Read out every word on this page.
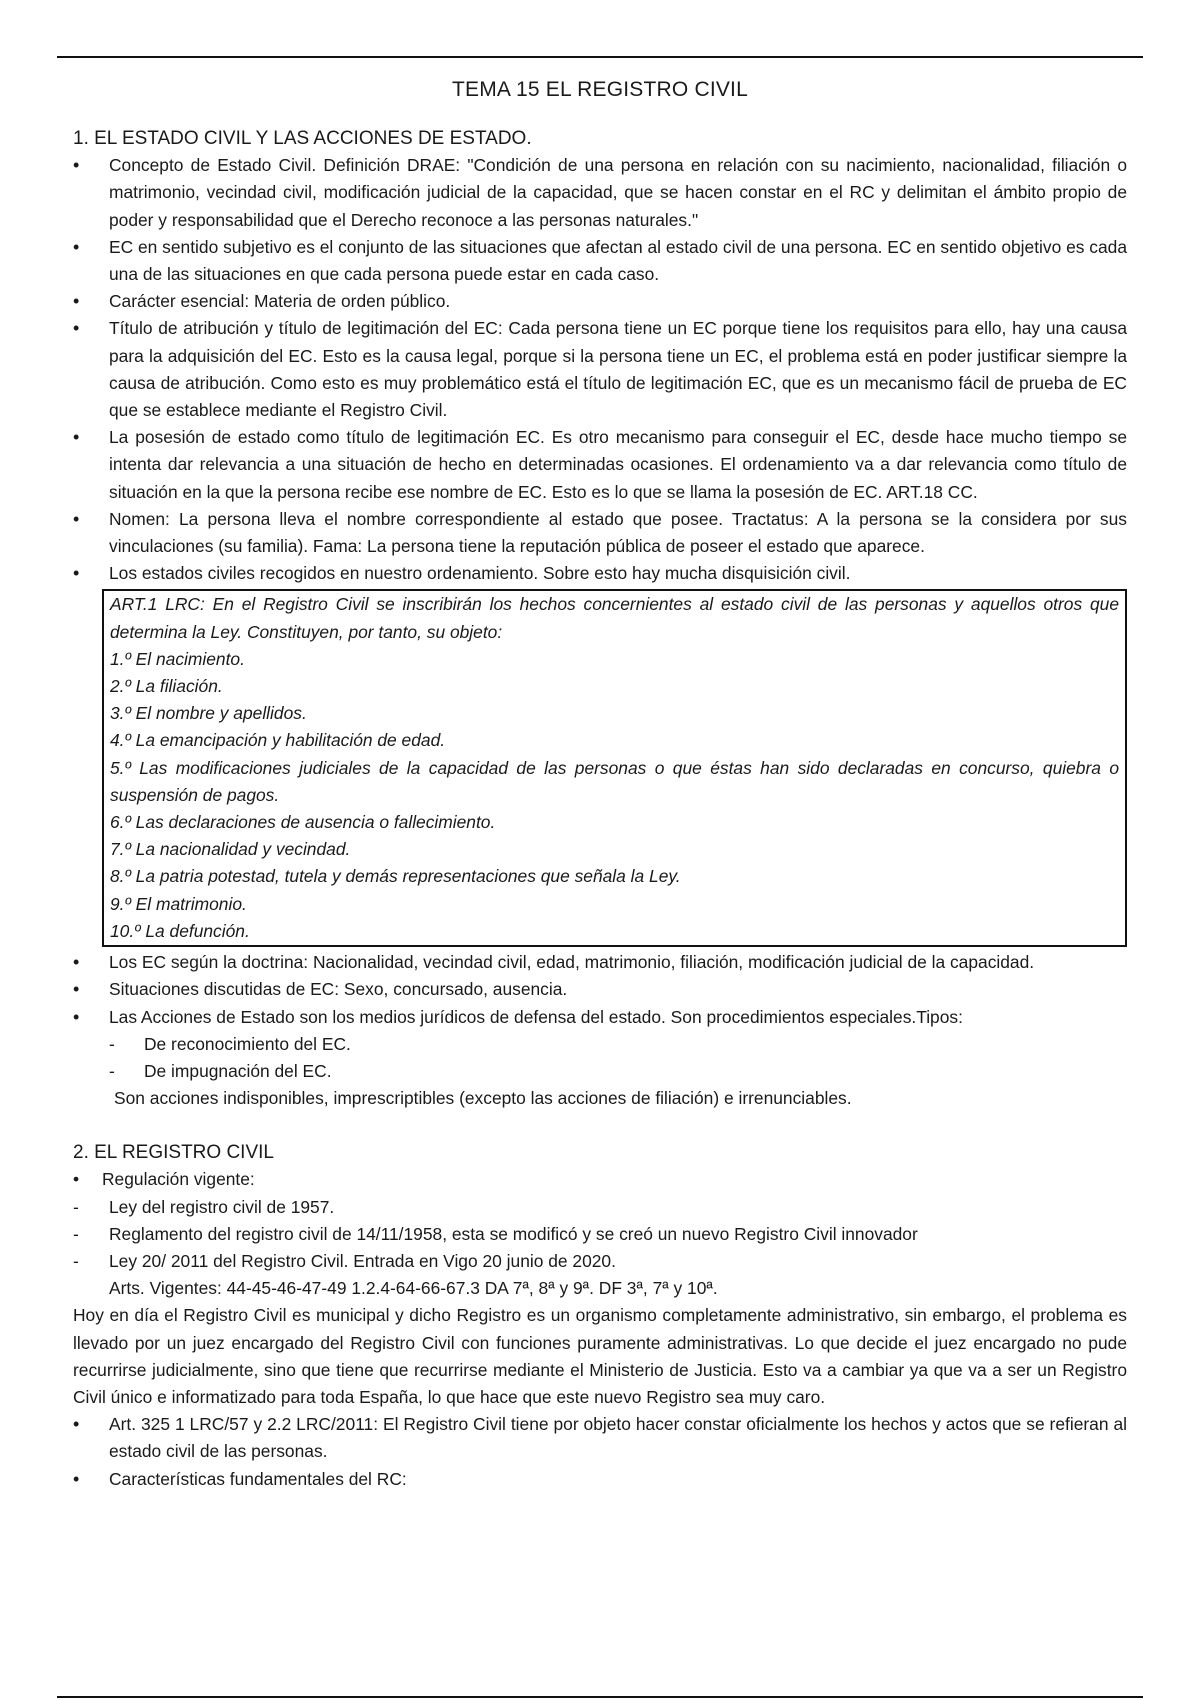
TEMA 15 EL REGISTRO CIVIL
1. EL ESTADO CIVIL Y LAS ACCIONES DE ESTADO.
• Concepto de Estado Civil. Definición DRAE: "Condición de una persona en relación con su nacimiento, nacionalidad, filiación o matrimonio, vecindad civil, modificación judicial de la capacidad, que se hacen constar en el RC y delimitan el ámbito propio de poder y responsabilidad que el Derecho reconoce a las personas naturales."
• EC en sentido subjetivo es el conjunto de las situaciones que afectan al estado civil de una persona. EC en sentido objetivo es cada una de las situaciones en que cada persona puede estar en cada caso.
• Carácter esencial: Materia de orden público.
• Título de atribución y título de legitimación del EC: Cada persona tiene un EC porque tiene los requisitos para ello, hay una causa para la adquisición del EC. Esto es la causa legal, porque si la persona tiene un EC, el problema está en poder justificar siempre la causa de atribución. Como esto es muy problemático está el título de legitimación EC, que es un mecanismo fácil de prueba de EC que se establece mediante el Registro Civil.
• La posesión de estado como título de legitimación EC. Es otro mecanismo para conseguir el EC, desde hace mucho tiempo se intenta dar relevancia a una situación de hecho en determinadas ocasiones. El ordenamiento va a dar relevancia como título de situación en la que la persona recibe ese nombre de EC. Esto es lo que se llama la posesión de EC. ART.18 CC.
• Nomen: La persona lleva el nombre correspondiente al estado que posee. Tractatus: A la persona se la considera por sus vinculaciones (su familia). Fama: La persona tiene la reputación pública de poseer el estado que aparece.
• Los estados civiles recogidos en nuestro ordenamiento. Sobre esto hay mucha disquisición civil.

ART.1 LRC: En el Registro Civil se inscribirán los hechos concernientes al estado civil de las personas y aquellos otros que determina la Ley. Constituyen, por tanto, su objeto:

1.º El nacimiento.

2.º La filiación.

3.º El nombre y apellidos.

4.º La emancipación y habilitación de edad.

5.º Las modificaciones judiciales de la capacidad de las personas o que éstas han sido declaradas en concurso, quiebra o suspensión de pagos.

6.º Las declaraciones de ausencia o fallecimiento.

7.º La nacionalidad y vecindad.

8.º La patria potestad, tutela y demás representaciones que señala la Ley.

9.º El matrimonio.

10.º La defunción.

• Los EC según la doctrina: Nacionalidad, vecindad civil, edad, matrimonio, filiación, modificación judicial de la capacidad.
• Situaciones discutidas de EC: Sexo, concursado, ausencia.
• Las Acciones de Estado son los medios jurídicos de defensa del estado. Son procedimientos especiales.Tipos:
- De reconocimiento del EC.
- De impugnación del EC.
Son acciones indisponibles, imprescriptibles (excepto las acciones de filiación) e irrenunciables.
2. EL REGISTRO CIVIL
• Regulación vigente:
- Ley del registro civil de 1957.
- Reglamento del registro civil de 14/11/1958, esta se modificó y se creó un nuevo Registro Civil innovador
- Ley 20/ 2011 del Registro Civil. Entrada en Vigo 20 junio de 2020.
Arts. Vigentes: 44-45-46-47-49 1.2.4-64-66-67.3 DA 7ª, 8ª y 9ª. DF 3ª, 7ª y 10ª.

Hoy en día el Registro Civil es municipal y dicho Registro es un organismo completamente administrativo, sin embargo, el problema es llevado por un juez encargado del Registro Civil con funciones puramente administrativas. Lo que decide el juez encargado no pude recurrirse judicialmente, sino que tiene que recurrirse mediante el Ministerio de Justicia. Esto va a cambiar ya que va a ser un Registro Civil único e informatizado para toda España, lo que hace que este nuevo Registro sea muy caro.

• Art. 325 1 LRC/57 y 2.2 LRC/2011: El Registro Civil tiene por objeto hacer constar oficialmente los hechos y actos que se refieran al estado civil de las personas.
• Características fundamentales del RC:
